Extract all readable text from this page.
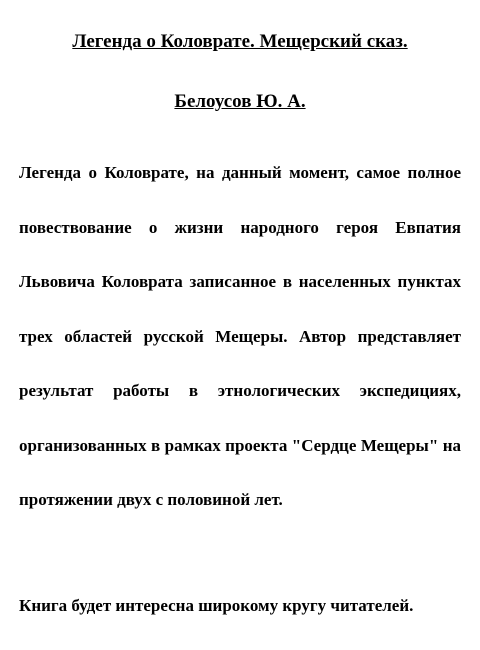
Легенда о Коловрате. Мещерский сказ.
Белоусов Ю. А.

Легенда о Коловрате, на данный момент, самое полное повествование о жизни народного героя Евпатия Львовича Коловрата записанное в населенных пунктах трех областей русской Мещеры. Автор представляет результат работы в этнологических экспедициях, организованных в рамках проекта "Сердце Мещеры" на протяжении двух с половиной лет.

Книга будет интересна широкому кругу читателей.
